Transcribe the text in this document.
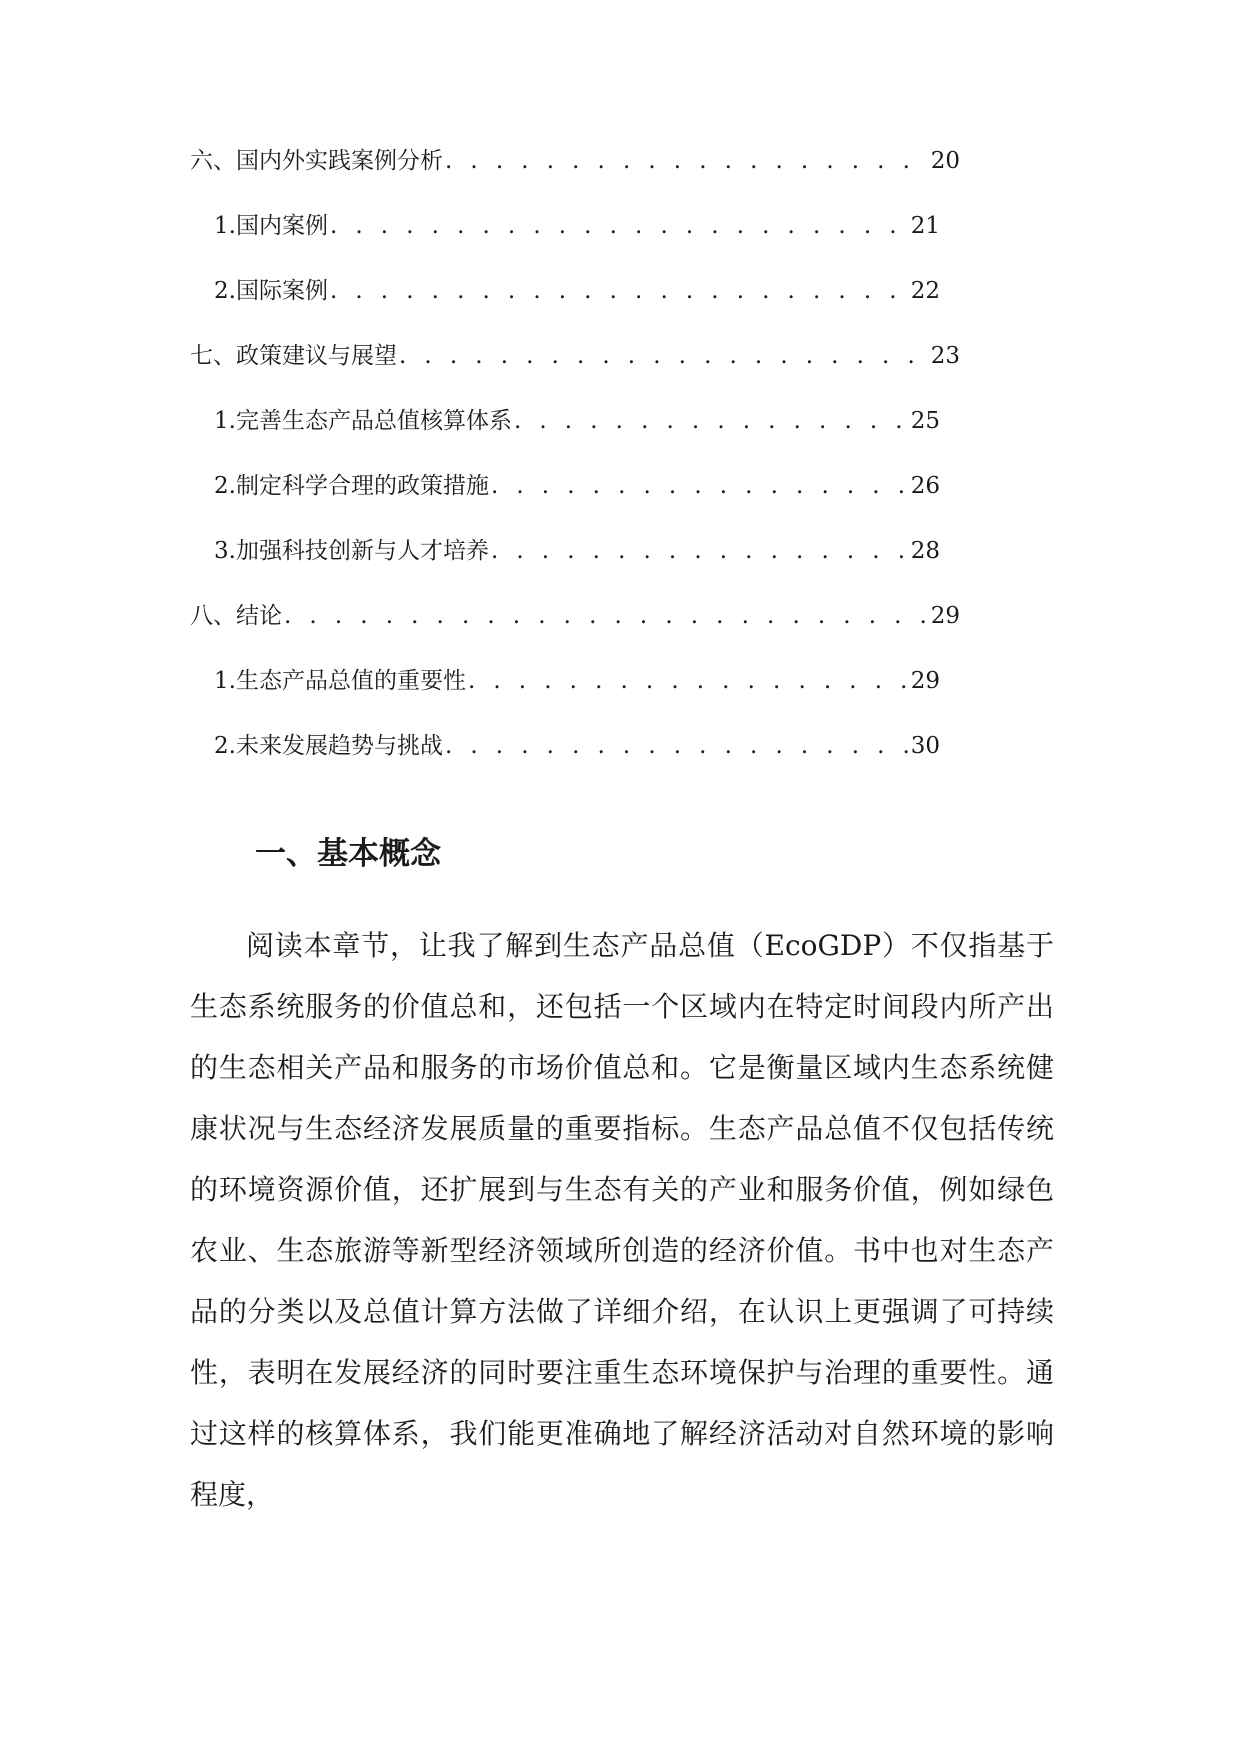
六、国内外实践案例分析 . . .	20
1. 国内案例 . . .	21
2. 国际案例 . . .	22
七、政策建议与展望 . . .	23
1. 完善生态产品总值核算体系 . . .	25
2. 制定科学合理的政策措施 . . .	26
3. 加强科技创新与人才培养 . . .	28
八、结论 . . .	29
1. 生态产品总值的重要性 . . .	29
2. 未来发展趋势与挑战 . . .	30
一、基本概念

阅读本章节，让我了解到生态产品总值（EcoGDP）不仅指基于生态系统服务的价值总和，还包括一个区域内在特定时间段内所产出的生态相关产品和服务的市场价值总和。它是衡量区域内生态系统健康状况与生态经济发展质量的重要指标。生态产品总值不仅包括传统的环境资源价值，还扩展到与生态有关的产业和服务价值，例如绿色农业、生态旅游等新型经济领域所创造的经济价值。书中也对生态产品的分类以及总值计算方法做了详细介绍，在认识上更强调了可持续性，表明在发展经济的同时要注重生态环境保护与治理的重要性。通过这样的核算体系，我们能更准确地了解经济活动对自然环境的影响程度，
